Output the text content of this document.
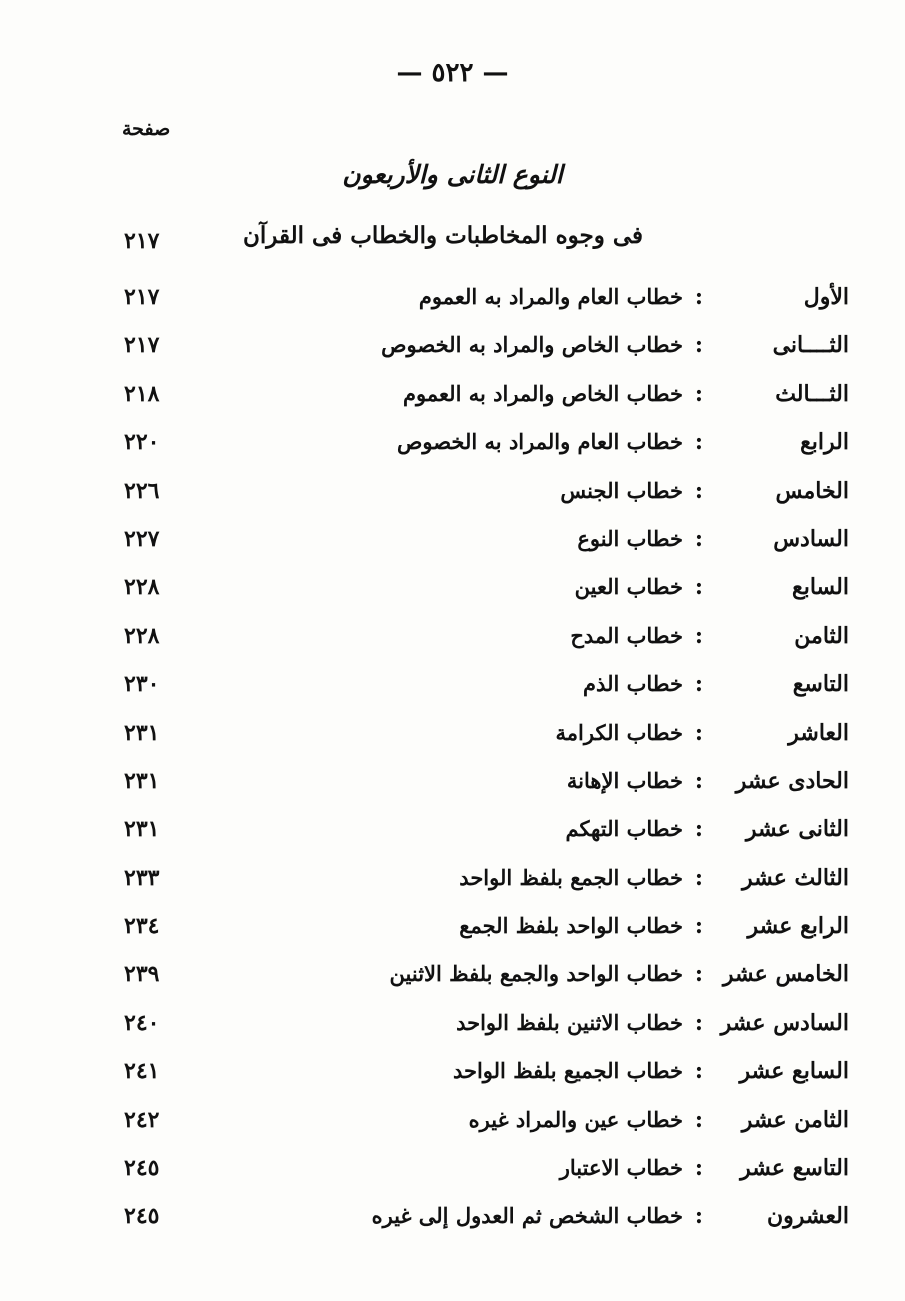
— ٥٢٢ —
صفحة
النوع الثانى والأربعون
فى وجوه المخاطبات والخطاب فى القرآن
٢١٧
الأول
:
خطاب العام والمراد به العموم
٢١٧
الثــــانى
:
خطاب الخاص والمراد به الخصوص
٢١٧
الثـــالث
:
خطاب الخاص والمراد به العموم
٢١٨
الرابع
:
خطاب العام والمراد به الخصوص
٢٢٠
الخامس
:
خطاب الجنس
٢٢٦
السادس
:
خطاب النوع
٢٢٧
السابع
:
خطاب العين
٢٢٨
الثامن
:
خطاب المدح
٢٢٨
التاسع
:
خطاب الذم
٢٣٠
العاشر
:
خطاب الكرامة
٢٣١
الحادى عشر
:
خطاب الإهانة
٢٣١
الثانى عشر
:
خطاب التهكم
٢٣١
الثالث عشر
:
خطاب الجمع بلفظ الواحد
٢٣٣
الرابع عشر
:
خطاب الواحد بلفظ الجمع
٢٣٤
الخامس عشر
:
خطاب الواحد والجمع بلفظ الاثنين
٢٣٩
السادس عشر
:
خطاب الاثنين بلفظ الواحد
٢٤٠
السابع عشر
:
خطاب الجميع بلفظ الواحد
٢٤١
الثامن عشر
:
خطاب عين والمراد غيره
٢٤٢
التاسع عشر
:
خطاب الاعتبار
٢٤٥
العشرون
:
خطاب الشخص ثم العدول إلى غيره
٢٤٥
